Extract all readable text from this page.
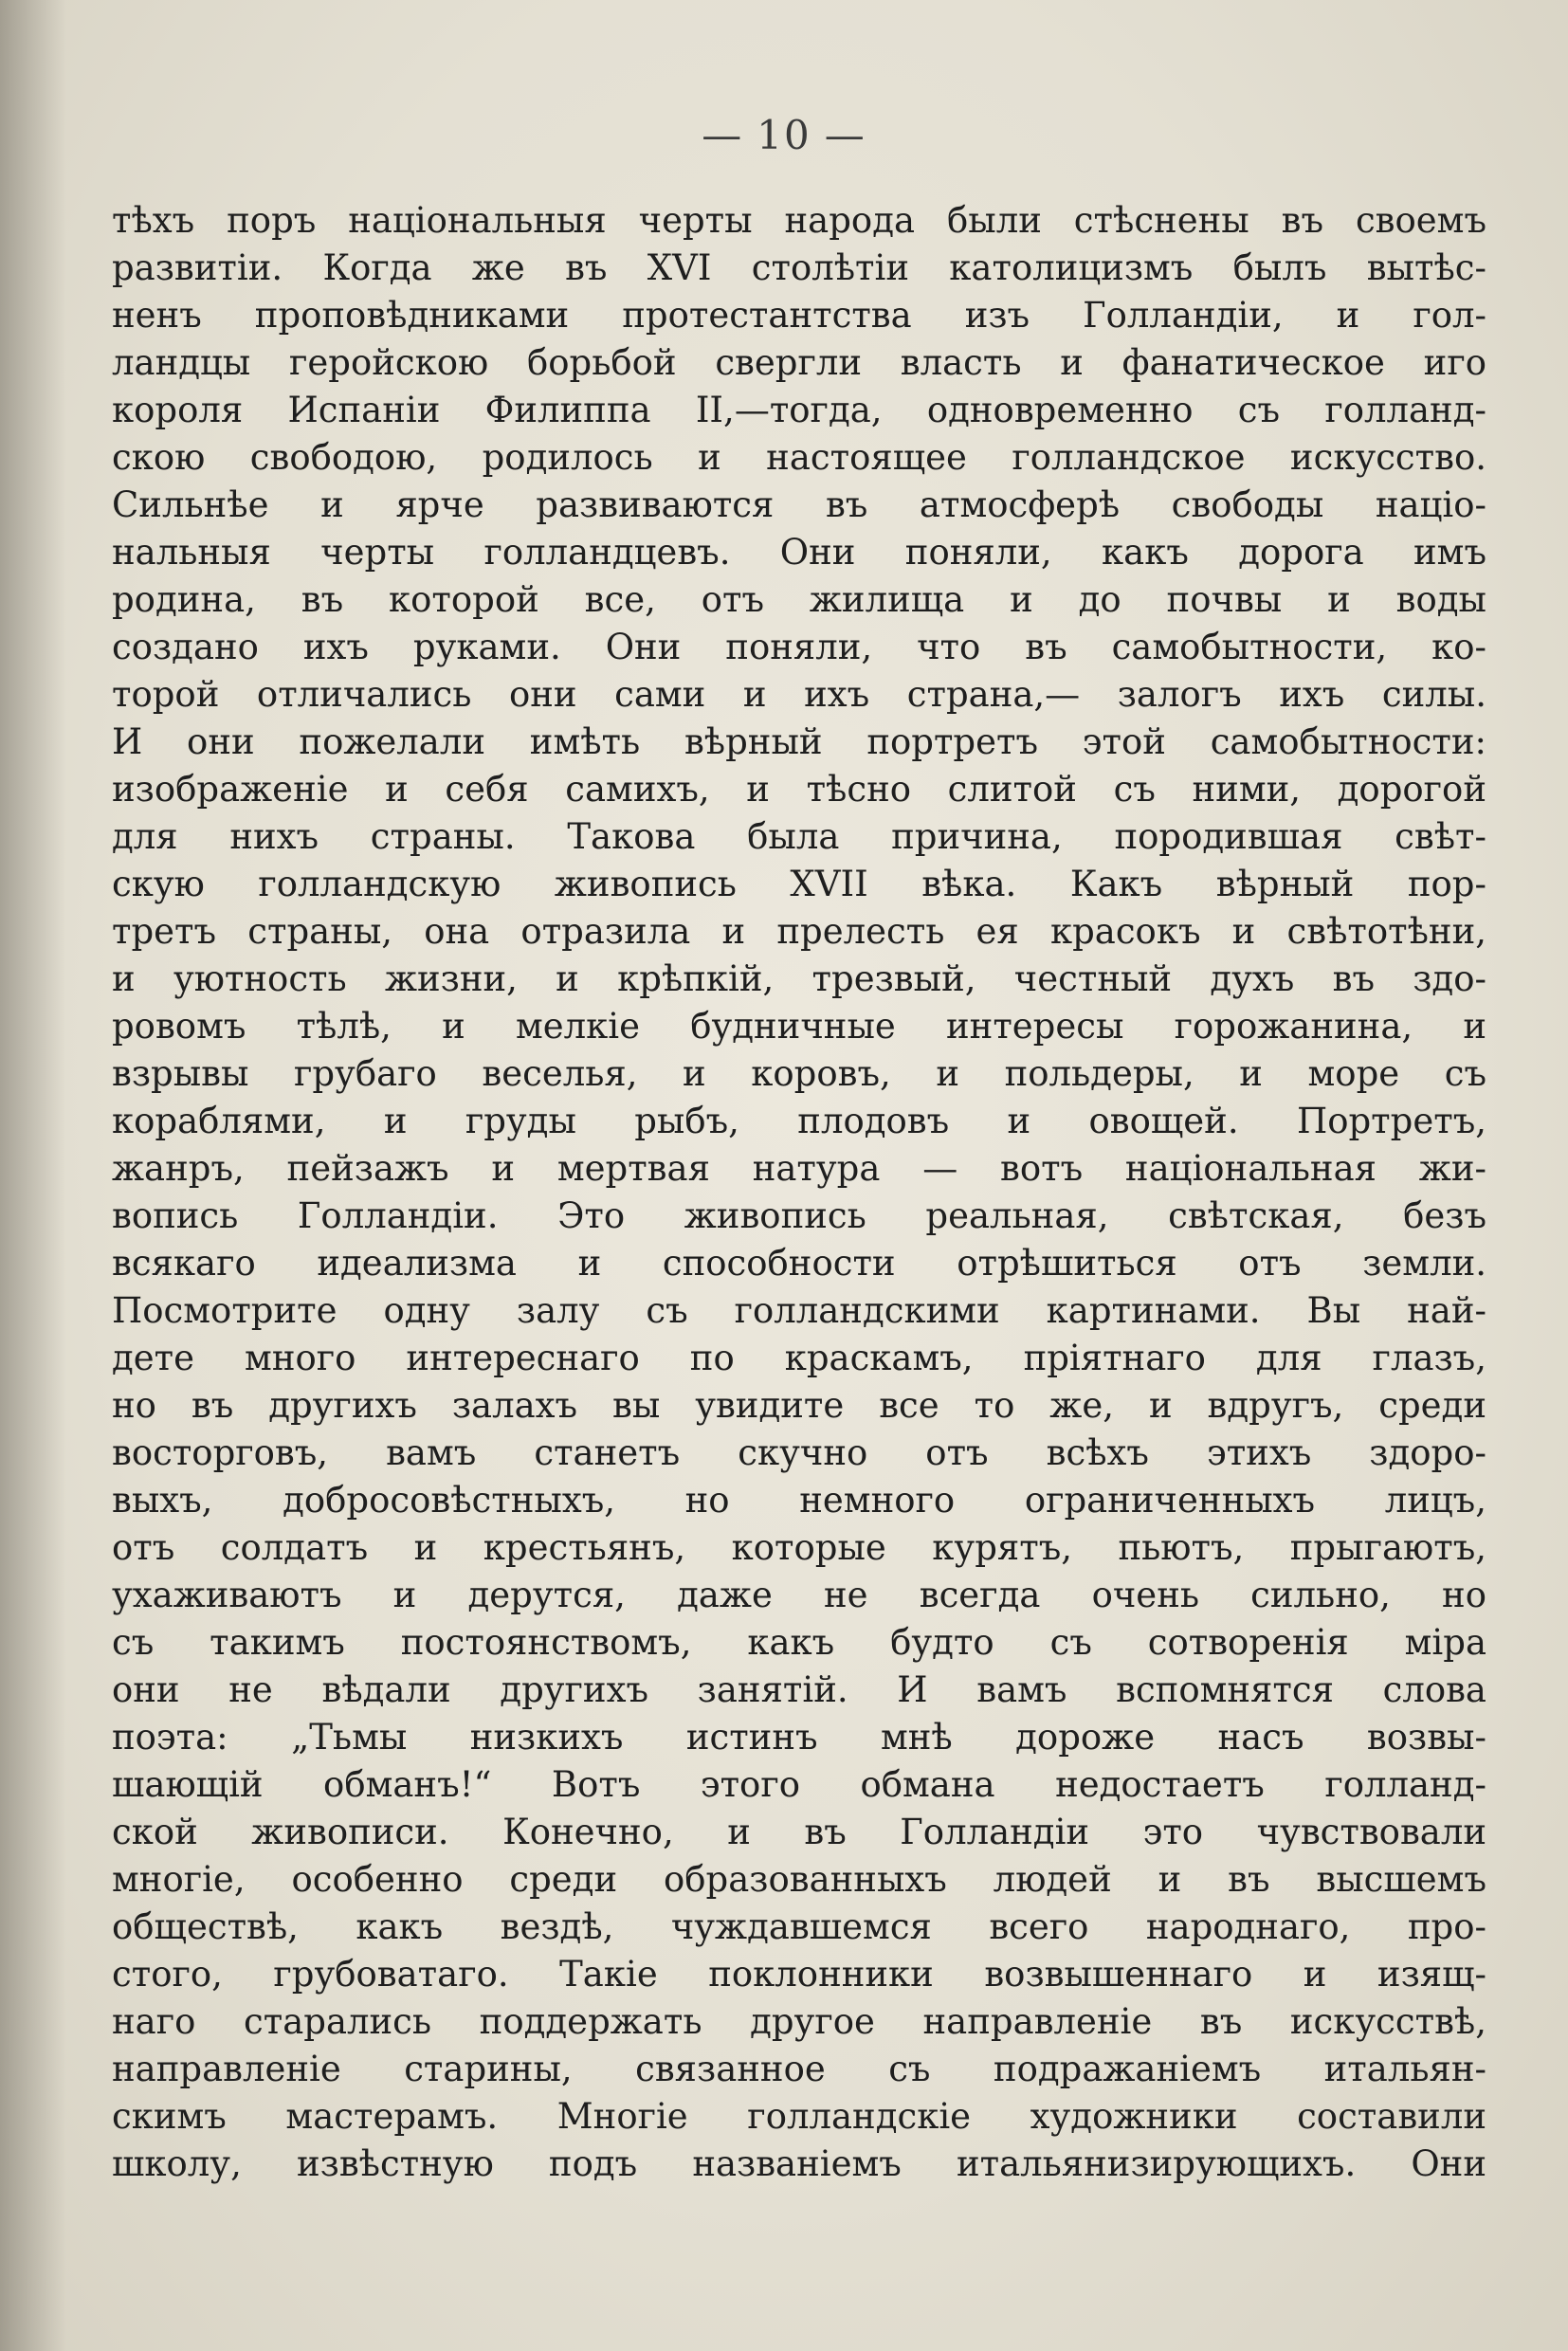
— 10 —
тѣхъ поръ національныя черты народа были стѣснены въ своемъ
развитіи. Когда же въ XVI столѣтіи католицизмъ былъ вытѣс-
ненъ проповѣдниками протестантства изъ Голландіи, и гол-
ландцы геройскою борьбой свергли власть и фанатическое иго
короля Испаніи Филиппа II,—тогда, одновременно съ голланд-
скою свободою, родилось и настоящее голландское искусство.
Сильнѣе и ярче развиваются въ атмосферѣ свободы націо-
нальныя черты голландцевъ. Они поняли, какъ дорога имъ
родина, въ которой все, отъ жилища и до почвы и воды
создано ихъ руками. Они поняли, что въ самобытности, ко-
торой отличались они сами и ихъ страна,— залогъ ихъ силы.
И они пожелали имѣть вѣрный портретъ этой самобытности:
изображеніе и себя самихъ, и тѣсно слитой съ ними, дорогой
для нихъ страны. Такова была причина, породившая свѣт-
скую голландскую живопись XVII вѣка. Какъ вѣрный пор-
третъ страны, она отразила и прелесть ея красокъ и свѣтотѣни,
и уютность жизни, и крѣпкій, трезвый, честный духъ въ здо-
ровомъ тѣлѣ, и мелкіе будничные интересы горожанина, и
взрывы грубаго веселья, и коровъ, и польдеры, и море съ
кораблями, и груды рыбъ, плодовъ и овощей. Портретъ,
жанръ, пейзажъ и мертвая натура — вотъ національная жи-
вопись Голландіи. Это живопись реальная, свѣтская, безъ
всякаго идеализма и способности отрѣшиться отъ земли.
Посмотрите одну залу съ голландскими картинами. Вы най-
дете много интереснаго по краскамъ, пріятнаго для глазъ,
но въ другихъ залахъ вы увидите все то же, и вдругъ, среди
восторговъ, вамъ станетъ скучно отъ всѣхъ этихъ здоро-
выхъ, добросовѣстныхъ, но немного ограниченныхъ лицъ,
отъ солдатъ и крестьянъ, которые курятъ, пьютъ, прыгаютъ,
ухаживаютъ и дерутся, даже не всегда очень сильно, но
съ такимъ постоянствомъ, какъ будто съ сотворенія міра
они не вѣдали другихъ занятій. И вамъ вспомнятся слова
поэта: „Тьмы низкихъ истинъ мнѣ дороже насъ возвы-
шающій обманъ!“ Вотъ этого обмана недостаетъ голланд-
ской живописи. Конечно, и въ Голландіи это чувствовали
многіе, особенно среди образованныхъ людей и въ высшемъ
обществѣ, какъ вездѣ, чуждавшемся всего народнаго, про-
стого, грубоватаго. Такіе поклонники возвышеннаго и изящ-
наго старались поддержать другое направленіе въ искусствѣ,
направленіе старины, связанное съ подражаніемъ итальян-
скимъ мастерамъ. Многіе голландскіе художники составили
школу, извѣстную подъ названіемъ итальянизирующихъ. Они
